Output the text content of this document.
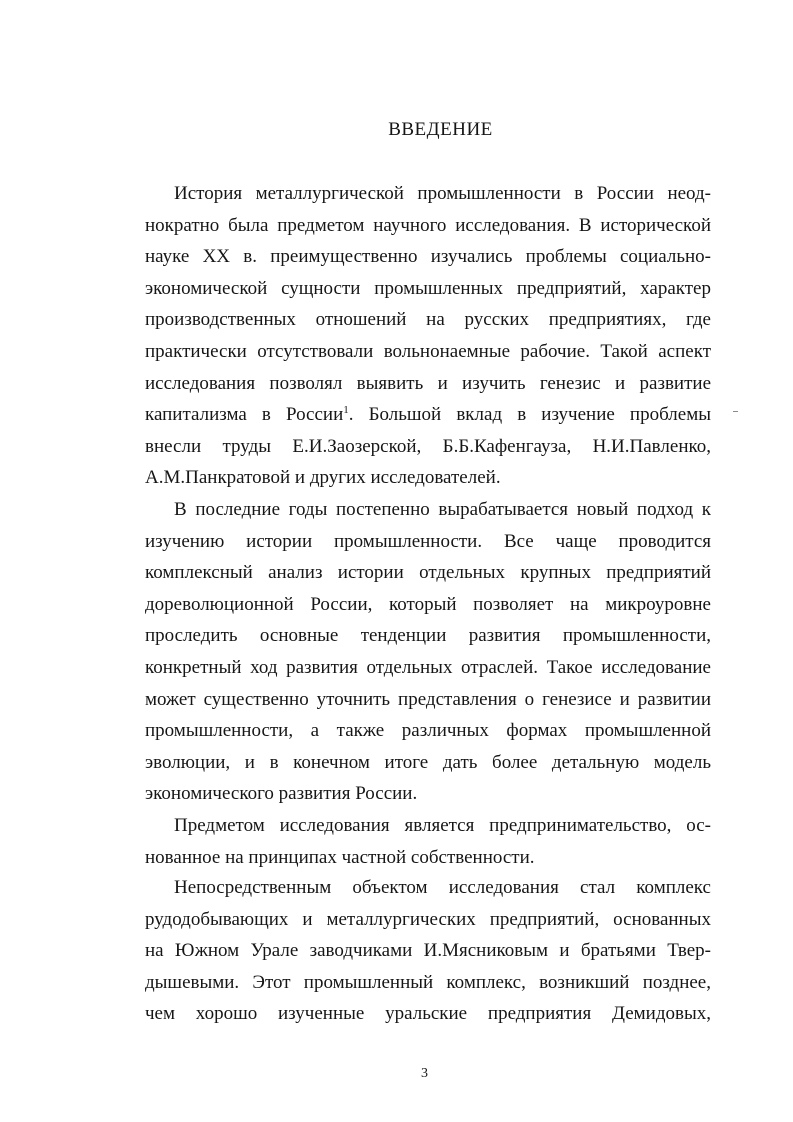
ВВЕДЕНИЕ
История металлургической промышленности в России неод-
нократно была предметом научного исследования. В исторической
науке XX в. преимущественно изучались проблемы социально-
экономической сущности промышленных предприятий, характер
производственных отношений на русских предприятиях, где
практически отсутствовали вольнонаемные рабочие. Такой аспект
исследования позволял выявить и изучить генезис и развитие
капитализма в России$^1$. Большой вклад в изучение проблемы
внесли труды Е.И.Заозерской, Б.Б.Кафенгауза, Н.И.Павленко,
А.М.Панкратовой и других исследователей.
В последние годы постепенно вырабатывается новый подход к
изучению истории промышленности. Все чаще проводится
комплексный анализ истории отдельных крупных предприятий
дореволюционной России, который позволяет на микроуровне
проследить основные тенденции развития промышленности,
конкретный ход развития отдельных отраслей. Такое исследование
может существенно уточнить представления о генезисе и развитии
промышленности, а также различных формах промышленной
эволюции, и в конечном итоге дать более детальную модель
экономического развития России.
Предметом исследования является предпринимательство, ос-
нованное на принципах частной собственности.
Непосредственным объектом исследования стал комплекс
рудодобывающих и металлургических предприятий, основанных
на Южном Урале заводчиками И.Мясниковым и братьями Твер-
дышевыми. Этот промышленный комплекс, возникший позднее,
чем хорошо изученные уральские предприятия Демидовых,
3
